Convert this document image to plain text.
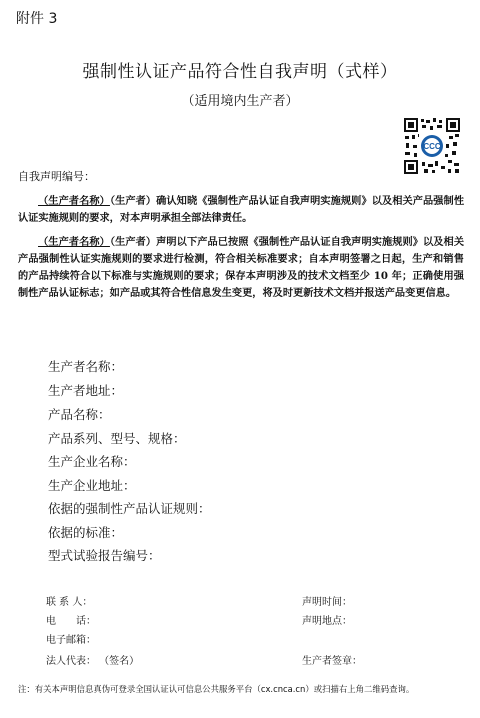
附件 3
强制性认证产品符合性自我声明（式样）
（适用境内生产者）
CCC
自我声明编号：
（生产者名称）（生产者）确认知晓《强制性产品认证自我声明实施规则》以及相关产品强制性认证实施规则的要求，对本声明承担全部法律责任。
（生产者名称）（生产者）声明以下产品已按照《强制性产品认证自我声明实施规则》以及相关产品强制性认证实施规则的要求进行检测，符合相关标准要求；自本声明签署之日起，生产和销售的产品持续符合以下标准与实施规则的要求；保存本声明涉及的技术文档至少 10 年；正确使用强制性产品认证标志；如产品或其符合性信息发生变更，将及时更新技术文档并报送产品变更信息。
生产者名称：
生产者地址：
产品名称：
产品系列、型号、规格：
生产企业名称：
生产企业地址：
依据的强制性产品认证规则：
依据的标准：
型式试验报告编号：
联 系 人：
电　　话：
电子邮箱：
法人代表： （签名）
声明时间：
声明地点：
生产者签章：
注：有关本声明信息真伪可登录全国认证认可信息公共服务平台（cx.cnca.cn）或扫描右上角二维码查询。
